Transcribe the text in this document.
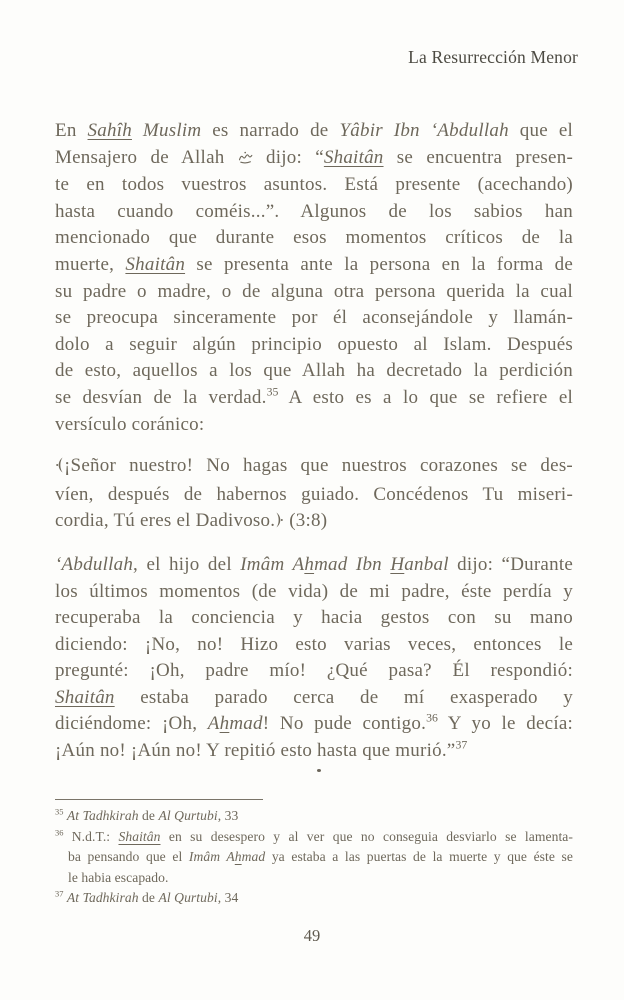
La Resurrección Menor
En Sahîh Muslim es narrado de Yâbir Ibn ‘Abdullah que el
Mensajero de Allah  dijo: “Shaitân se encuentra presen-
te en todos vuestros asuntos. Está presente (acechando)
hasta cuando coméis...”. Algunos de los sabios han
mencionado que durante esos momentos críticos de la
muerte, Shaitân se presenta ante la persona en la forma de
su padre o madre, o de alguna otra persona querida la cual
se preocupa sinceramente por él aconsejándole y llamán-
dolo a seguir algún principio opuesto al Islam. Después
de esto, aquellos a los que Allah ha decretado la perdición
se desvían de la verdad.$^{35}$ A esto es a lo que se refiere el
versículo coránico:
¡Señor nuestro! No hagas que nuestros corazones se des-
víen, después de habernos guiado. Concédenos Tu miseri-
cordia, Tú eres el Dadivoso. (3:8)
‘Abdullah, el hijo del Imâm Ahmad Ibn Hanbal dijo: “Durante
los últimos momentos (de vida) de mi padre, éste perdía y
recuperaba la conciencia y hacia gestos con su mano
diciendo: ¡No, no! Hizo esto varias veces, entonces le
pregunté: ¡Oh, padre mío! ¿Qué pasa? Él respondió:
Shaitân estaba parado cerca de mí exasperado y
diciéndome: ¡Oh, Ahmad! No pude contigo.$^{36}$ Y yo le decía:
¡Aún no! ¡Aún no! Y repitió esto hasta que murió.”$^{37}$
$^{35}$ At Tadhkirah de Al Qurtubi, 33
$^{36}$ N.d.T.: Shaitân en su desespero y al ver que no conseguia desviarlo se lamenta-
ba pensando que el Imâm Ahmad ya estaba a las puertas de la muerte y que éste se
le habia escapado.
$^{37}$ At Tadhkirah de Al Qurtubi, 34
49
